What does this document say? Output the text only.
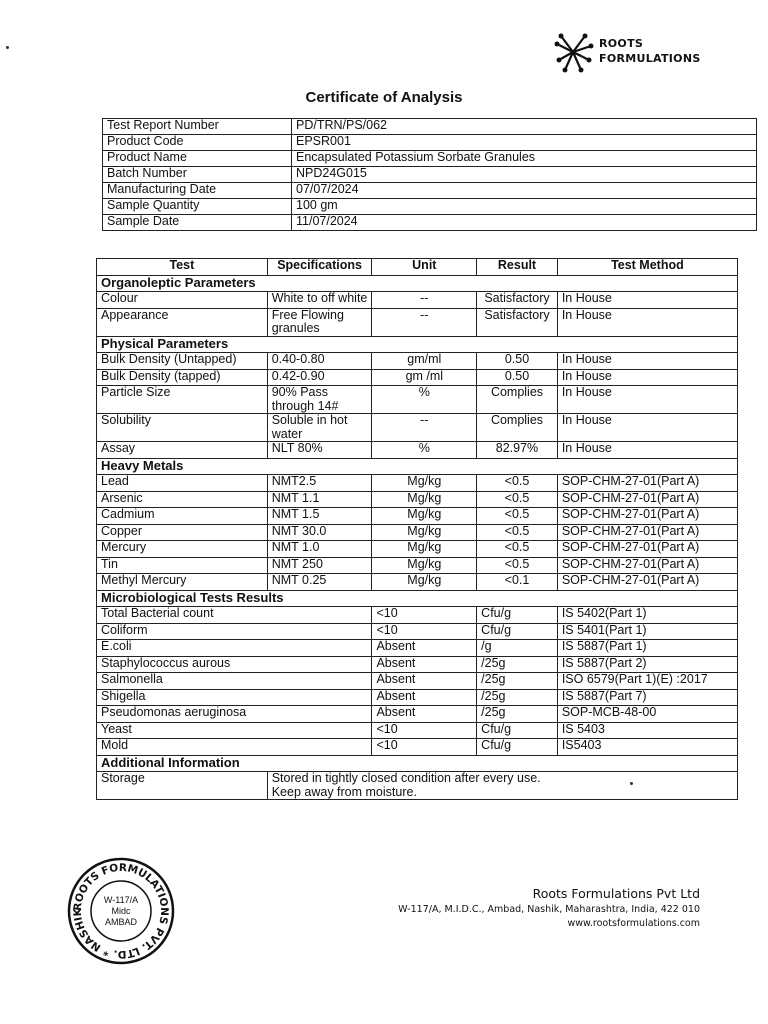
ROOTS
FORMULATIONS
Certificate of Analysis
Test Report Number	PD/TRN/PS/062
Product Code	EPSR001
Product Name	Encapsulated Potassium Sorbate Granules
Batch Number	NPD24G015
Manufacturing Date	07/07/2024
Sample Quantity	100 gm
Sample Date	11/07/2024
Test	Specifications	Unit	Result	Test Method
Organoleptic Parameters				
Colour	White to off white	--	Satisfactory	In House
Appearance	Free Flowing granules	--	Satisfactory	In House
Physical Parameters				
Bulk Density (Untapped)	0.40-0.80	gm/ml	0.50	In House
Bulk Density (tapped)	0.42-0.90	gm /ml	0.50	In House
Particle Size	90% Pass through 14#	%	Complies	In House
Solubility	Soluble in hot water	--	Complies	In House
Assay	NLT 80%	%	82.97%	In House
Heavy Metals				
Lead	NMT2.5	Mg/kg	<0.5	SOP-CHM-27-01(Part A)
Arsenic	NMT 1.1	Mg/kg	<0.5	SOP-CHM-27-01(Part A)
Cadmium	NMT 1.5	Mg/kg	<0.5	SOP-CHM-27-01(Part A)
Copper	NMT 30.0	Mg/kg	<0.5	SOP-CHM-27-01(Part A)
Mercury	NMT 1.0	Mg/kg	<0.5	SOP-CHM-27-01(Part A)
Tin	NMT 250	Mg/kg	<0.5	SOP-CHM-27-01(Part A)
Methyl Mercury	NMT 0.25	Mg/kg	<0.1	SOP-CHM-27-01(Part A)
Microbiological Tests Results				
Total Bacterial count		<10	Cfu/g	IS 5402(Part 1)
Coliform		<10	Cfu/g	IS 5401(Part 1)
E.coli		Absent	/g	IS 5887(Part 1)
Staphylococcus aurous		Absent	/25g	IS 5887(Part 2)
Salmonella		Absent	/25g	ISO 6579(Part 1)(E) :2017
Shigella		Absent	/25g	IS 5887(Part 7)
Pseudomonas aeruginosa		Absent	/25g	SOP-MCB-48-00
Yeast		<10	Cfu/g	IS 5403
Mold		<10	Cfu/g	IS5403
Additional Information				
Storage	Stored in tightly closed condition after every use.
Keep away from moisture.			
ROOTS FORMULATIONS PVT. LTD. * NASHIK
W-117/A
Midc
AMBAD
Roots Formulations Pvt Ltd
W-117/A, M.I.D.C., Ambad, Nashik, Maharashtra, India, 422 010
www.rootsformulations.com
